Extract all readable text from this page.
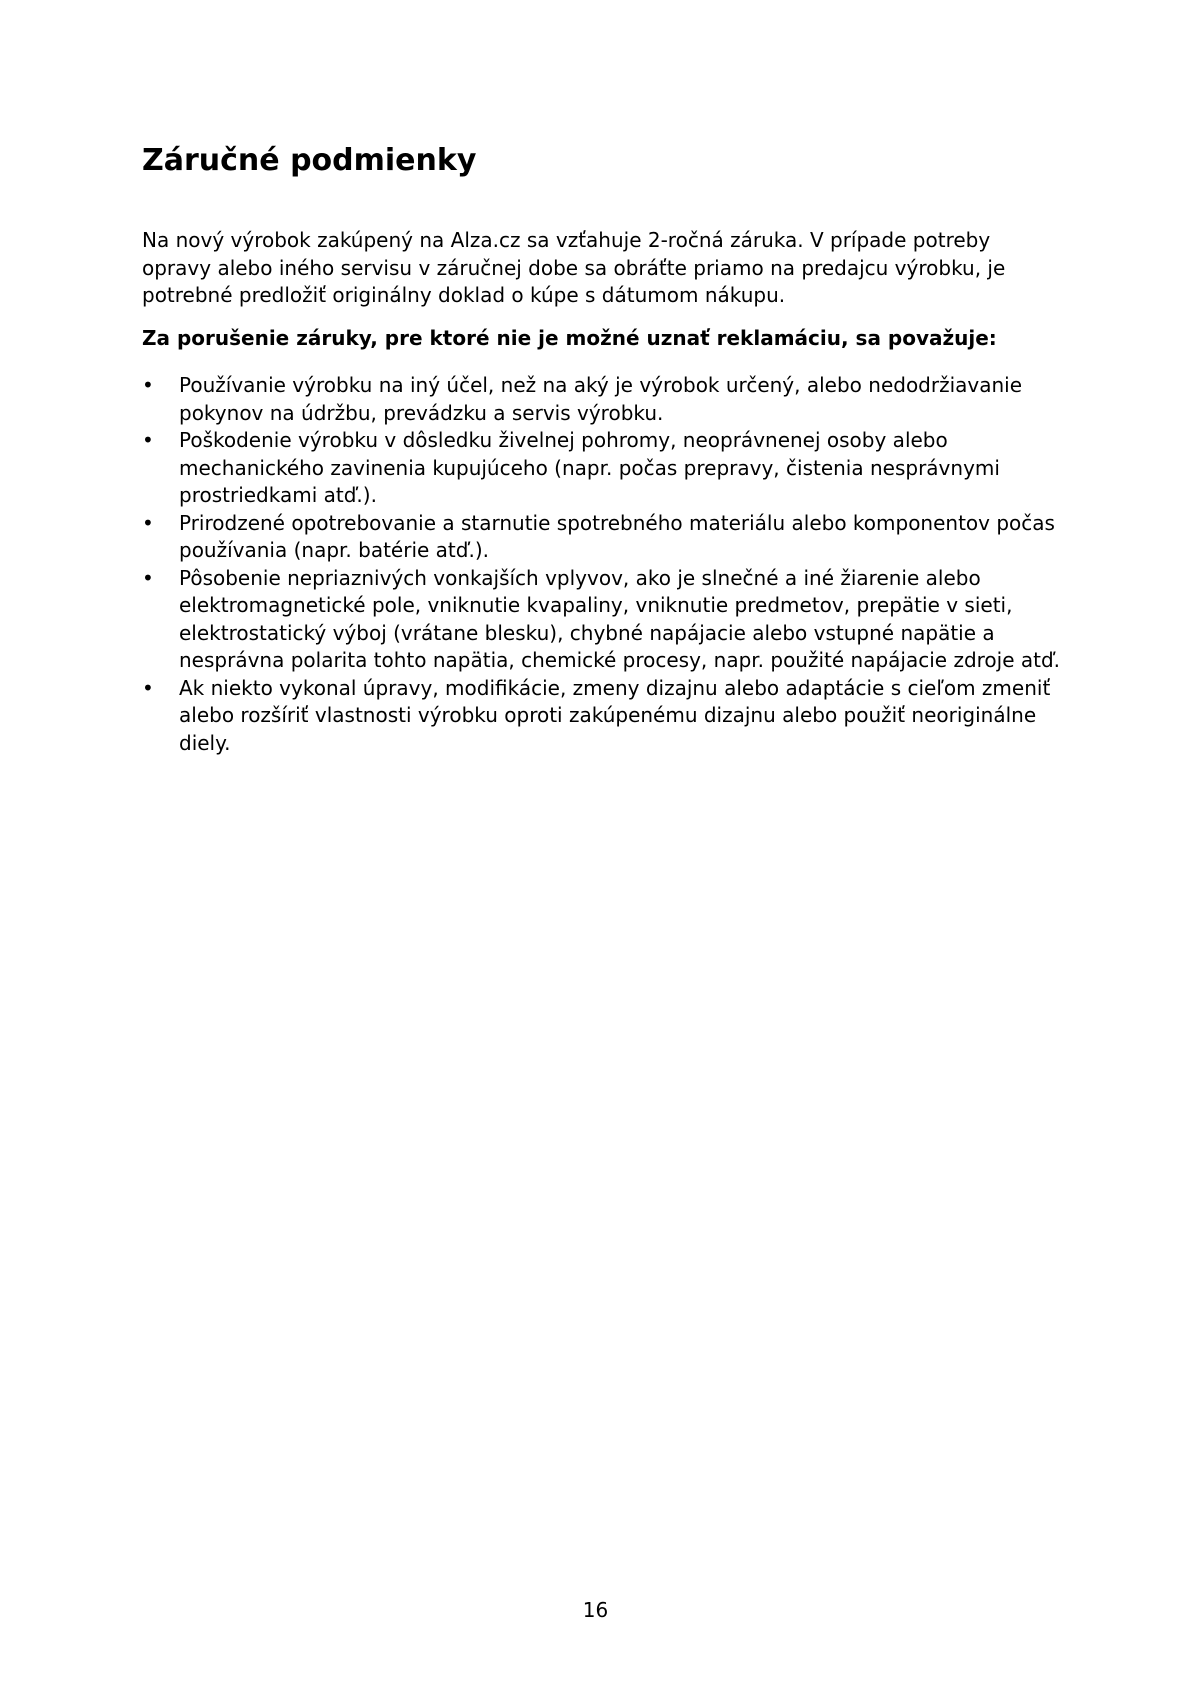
Záručné podmienky

Na nový výrobok zakúpený na Alza.cz sa vzťahuje 2-ročná záruka. V prípade potreby opravy alebo iného servisu v záručnej dobe sa obráťte priamo na predajcu výrobku, je potrebné predložiť originálny doklad o kúpe s dátumom nákupu.

Za porušenie záruky, pre ktoré nie je možné uznať reklamáciu, sa považuje:

• Používanie výrobku na iný účel, než na aký je výrobok určený, alebo nedodržiavanie pokynov na údržbu, prevádzku a servis výrobku.
• Poškodenie výrobku v dôsledku živelnej pohromy, neoprávnenej osoby alebo mechanického zavinenia kupujúceho (napr. počas prepravy, čistenia nesprávnymi prostriedkami atď.).
• Prirodzené opotrebovanie a starnutie spotrebného materiálu alebo komponentov počas používania (napr. batérie atď.).
• Pôsobenie nepriaznivých vonkajších vplyvov, ako je slnečné a iné žiarenie alebo elektromagnetické pole, vniknutie kvapaliny, vniknutie predmetov, prepätie v sieti, elektrostatický výboj (vrátane blesku), chybné napájacie alebo vstupné napätie a nesprávna polarita tohto napätia, chemické procesy, napr. použité napájacie zdroje atď.
• Ak niekto vykonal úpravy, modifikácie, zmeny dizajnu alebo adaptácie s cieľom zmeniť alebo rozšíriť vlastnosti výrobku oproti zakúpenému dizajnu alebo použiť neoriginálne diely.
16
